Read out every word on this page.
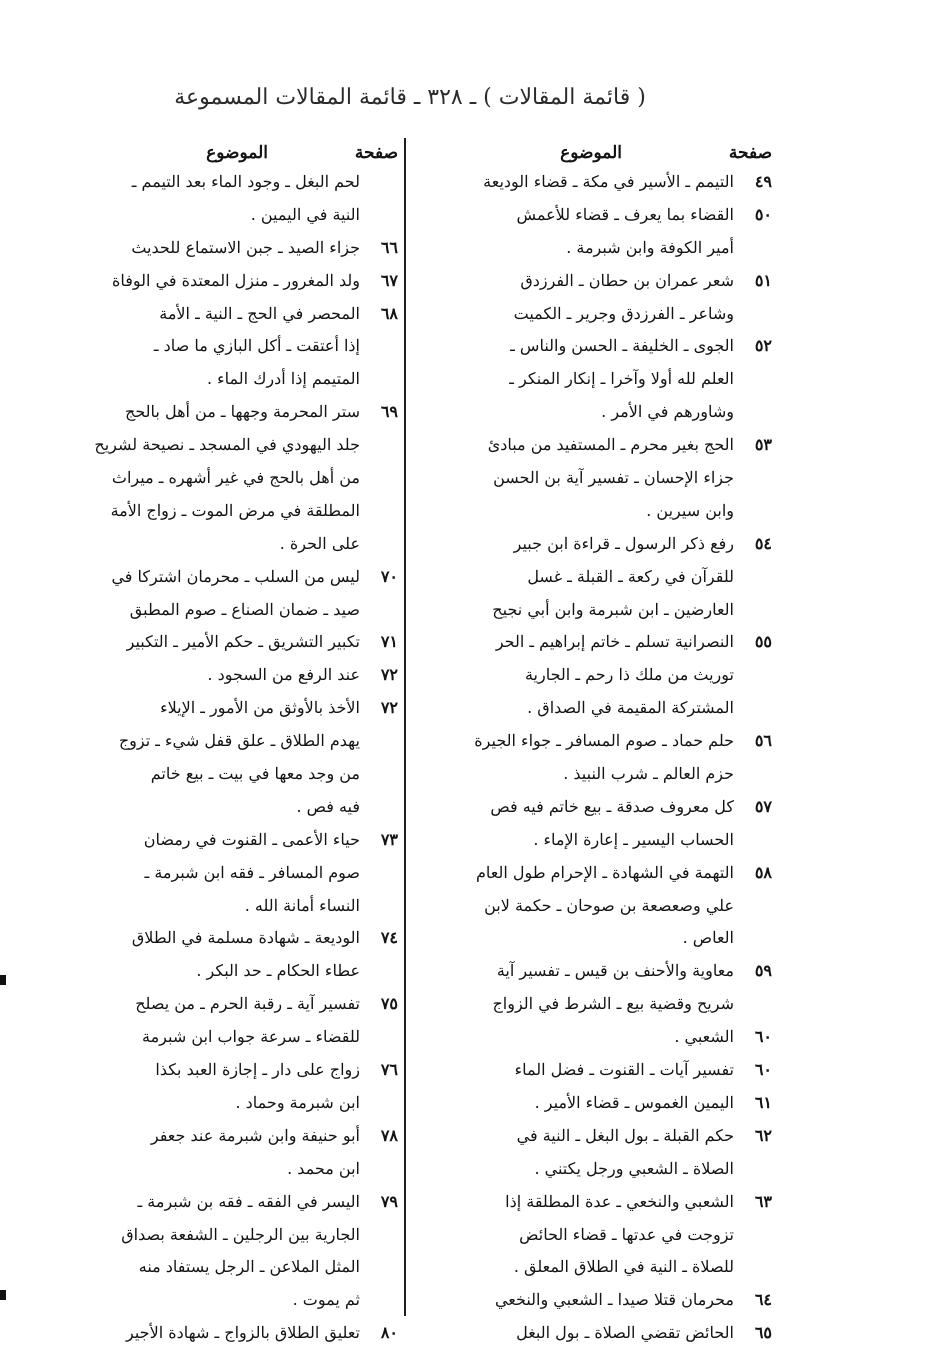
( قائمة المقالات ) ـ ٣٢٨ ـ قائمة المقالات المسموعة
صفحة
الموضوع
صفحة
الموضوع
٤٩
التيمم ـ الأسير في مكة ـ قضاء الوديعة
٥٠
القضاء بما يعرف ـ قضاء للأعمش
أمير الكوفة وابن شبرمة .
٥١
شعر عمران بن حطان ـ الفرزدق
وشاعر ـ الفرزدق وجرير ـ الكميت
٥٢
الجوى ـ الخليفة ـ الحسن والناس ـ
العلم لله أولا وآخرا ـ إنكار المنكر ـ
وشاورهم في الأمر .
٥٣
الحج بغير محرم ـ المستفيد من مبادئ
جزاء الإحسان ـ تفسير آية بن الحسن
وابن سيرين .
٥٤
رفع ذكر الرسول ـ قراءة ابن جبير
للقرآن في ركعة ـ القبلة ـ غسل
العارضين ـ ابن شبرمة وابن أبي نجيح
٥٥
النصرانية تسلم ـ خاتم إبراهيم ـ الحر
توريث من ملك ذا رحم ـ الجارية
المشتركة المقيمة في الصداق .
٥٦
حلم حماد ـ صوم المسافر ـ جواء الجيرة
حزم العالم ـ شرب النبيذ .
٥٧
كل معروف صدقة ـ بيع خاتم فيه فص
الحساب اليسير ـ إعارة الإماء .
٥٨
التهمة في الشهادة ـ الإحرام طول العام
علي وصعصعة بن صوحان ـ حكمة لابن
العاص .
٥٩
معاوية والأحنف بن قيس ـ تفسير آية
شريح وقضية بيع ـ الشرط في الزواج
٦٠
الشعبي .
٦٠
تفسير آيات ـ القنوت ـ فضل الماء
٦١
اليمين الغموس ـ قضاء الأمير .
٦٢
حكم القبلة ـ بول البغل ـ النية في
الصلاة ـ الشعبي ورجل يكتني .
٦٣
الشعبي والنخعي ـ عدة المطلقة إذا
تزوجت في عدتها ـ قضاء الحائض
للصلاة ـ النية في الطلاق المعلق .
٦٤
محرمان قتلا صيدا ـ الشعبي والنخعي
٦٥
الحائض تقضي الصلاة ـ بول البغل
لحم البغل ـ وجود الماء بعد التيمم ـ
النية في اليمين .
٦٦
جزاء الصيد ـ جبن الاستماع للحديث
٦٧
ولد المغرور ـ منزل المعتدة في الوفاة
٦٨
المحصر في الحج ـ النية ـ الأمة
إذا أعتقت ـ أكل البازي ما صاد ـ
المتيمم إذا أدرك الماء .
٦٩
ستر المحرمة وجهها ـ من أهل بالحج
جلد اليهودي في المسجد ـ نصيحة لشريح
من أهل بالحج في غير أشهره ـ ميراث
المطلقة في مرض الموت ـ زواج الأمة
على الحرة .
٧٠
ليس من السلب ـ محرمان اشتركا في
صيد ـ ضمان الصناع ـ صوم المطبق
٧١
تكبير التشريق ـ حكم الأمير ـ التكبير
٧٢
عند الرفع من السجود .
٧٢
الأخذ بالأوثق من الأمور ـ الإيلاء
يهدم الطلاق ـ علق قفل شيء ـ تزوج
من وجد معها في بيت ـ بيع خاتم
فيه فص .
٧٣
حياء الأعمى ـ القنوت في رمضان
صوم المسافر ـ فقه ابن شبرمة ـ
النساء أمانة الله .
٧٤
الوديعة ـ شهادة مسلمة في الطلاق
عطاء الحكام ـ حد البكر .
٧٥
تفسير آية ـ رقبة الحرم ـ من يصلح
للقضاء ـ سرعة جواب ابن شبرمة
٧٦
زواج على دار ـ إجازة العبد بكذا
ابن شبرمة وحماد .
٧٨
أبو حنيفة وابن شبرمة عند جعفر
ابن محمد .
٧٩
اليسر في الفقه ـ فقه بن شبرمة ـ
الجارية بين الرجلين ـ الشفعة بصداق
المثل الملاعن ـ الرجل يستفاد منه
ثم يموت .
٨٠
تعليق الطلاق بالزواج ـ شهادة الأجير
